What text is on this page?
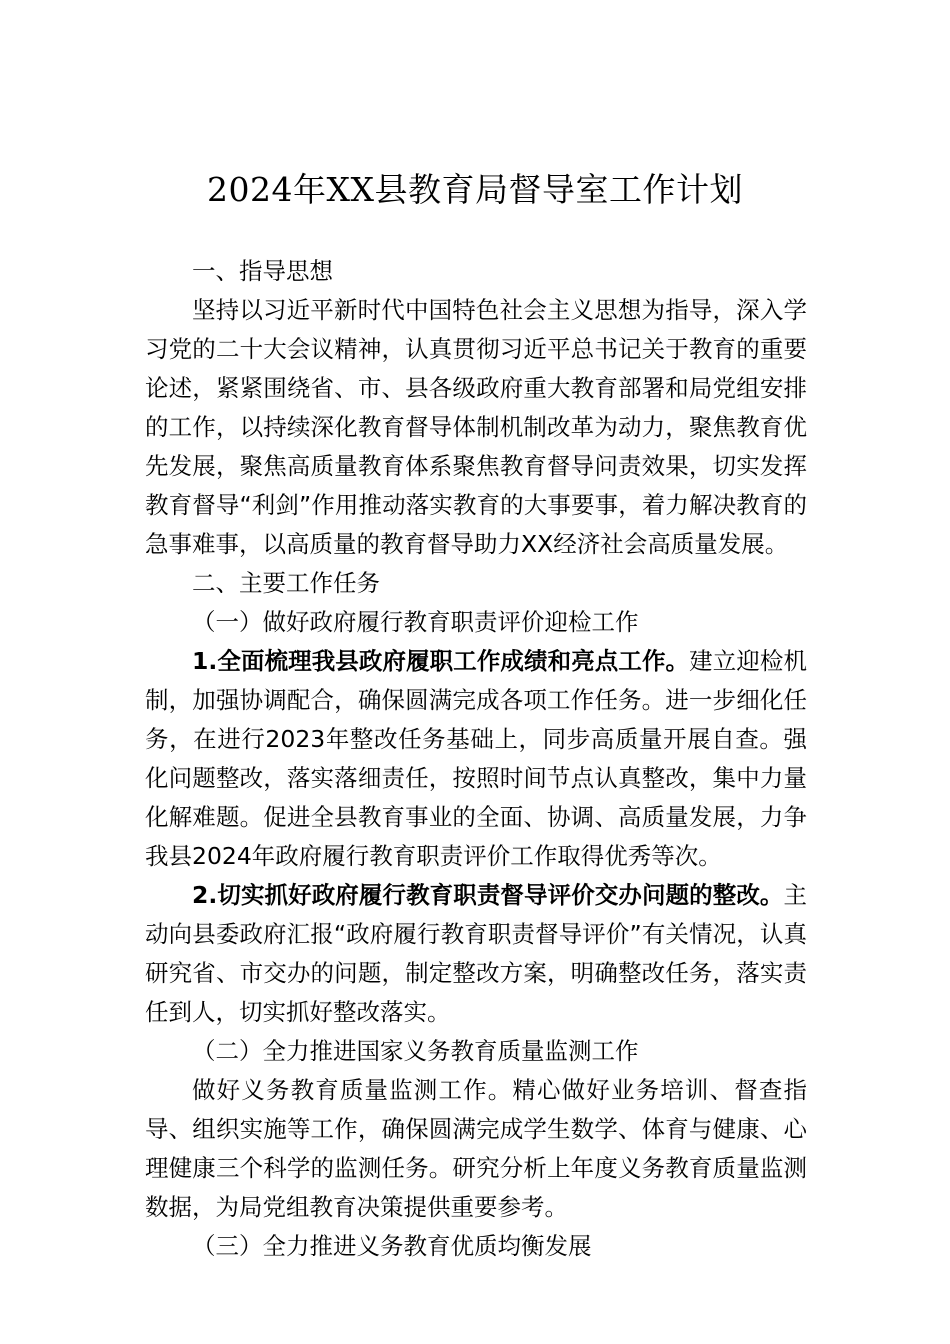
2024年XX县教育局督导室工作计划
一、指导思想

坚持以习近平新时代中国特色社会主义思想为指导，深入学习党的二十大会议精神，认真贯彻习近平总书记关于教育的重要论述，紧紧围绕省、市、县各级政府重大教育部署和局党组安排的工作，以持续深化教育督导体制机制改革为动力，聚焦教育优先发展，聚焦高质量教育体系聚焦教育督导问责效果，切实发挥教育督导“利剑”作用推动落实教育的大事要事，着力解决教育的急事难事，以高质量的教育督导助力XX经济社会高质量发展。

二、主要工作任务
（一）做好政府履行教育职责评价迎检工作

1.全面梳理我县政府履职工作成绩和亮点工作。建立迎检机制，加强协调配合，确保圆满完成各项工作任务。进一步细化任务，在进行2023年整改任务基础上，同步高质量开展自查。强化问题整改，落实落细责任，按照时间节点认真整改，集中力量化解难题。促进全县教育事业的全面、协调、高质量发展，力争我县2024年政府履行教育职责评价工作取得优秀等次。

2.切实抓好政府履行教育职责督导评价交办问题的整改。主动向县委政府汇报“政府履行教育职责督导评价”有关情况，认真研究省、市交办的问题，制定整改方案，明确整改任务，落实责任到人，切实抓好整改落实。

（二）全力推进国家义务教育质量监测工作

做好义务教育质量监测工作。精心做好业务培训、督查指导、组织实施等工作，确保圆满完成学生数学、体育与健康、心理健康三个科学的监测任务。研究分析上年度义务教育质量监测数据，为局党组教育决策提供重要参考。

（三）全力推进义务教育优质均衡发展
